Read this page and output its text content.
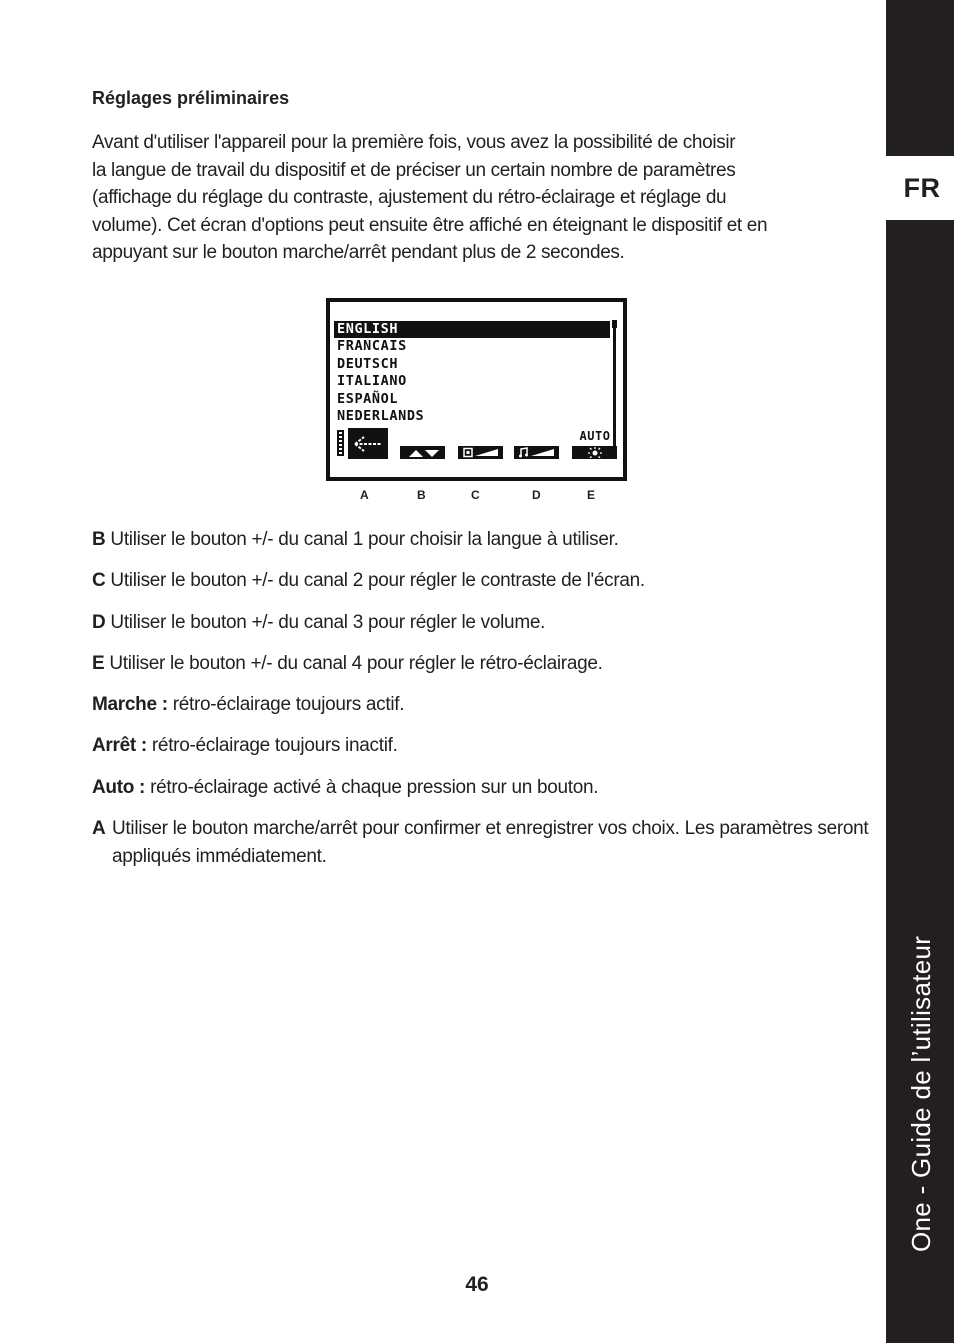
FR
One - Guide de l’utilisateur
Réglages préliminaires

Avant d'utiliser l'appareil pour la première fois, vous avez la possibilité de choisir
la langue de travail du dispositif et de préciser un certain nombre de paramètres
(affichage du réglage du contraste, ajustement du rétro-éclairage et réglage du
volume). Cet écran d'options peut ensuite être affiché en éteignant le dispositif et en
appuyant sur le bouton marche/arrêt pendant plus de 2 secondes.

ENGLISH
FRANCAIS
DEUTSCH
ITALIANO
ESPAÑOL
NEDERLANDS
AUTO
A	B	C	D	E
B Utiliser le bouton +/- du canal 1 pour choisir la langue à utiliser.
C Utiliser le bouton +/- du canal 2 pour régler le contraste de l'écran.
D Utiliser le bouton +/- du canal 3 pour régler le volume.
E Utiliser le bouton +/- du canal 4 pour régler le rétro-éclairage.
Marche : rétro-éclairage toujours actif.
Arrêt : rétro-éclairage toujours inactif.
Auto : rétro-éclairage activé à chaque pression sur un bouton.
A Utiliser le bouton marche/arrêt pour confirmer et enregistrer vos choix. Les paramètres seront appliqués immédiatement.
46
